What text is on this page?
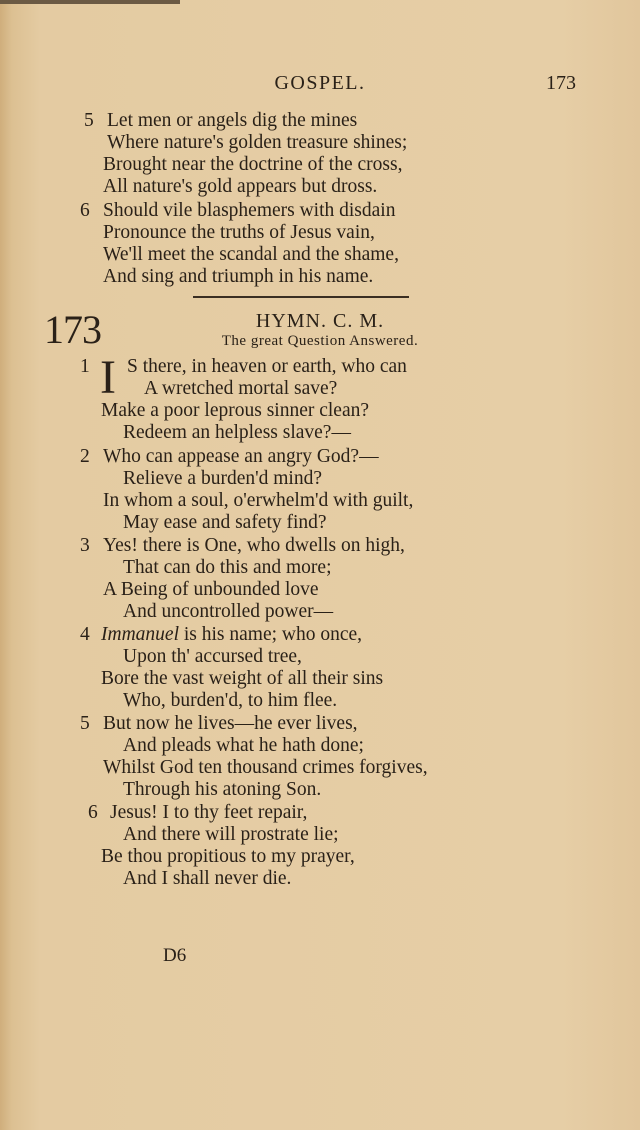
GOSPEL.	173
5 Let men or angels dig the mines
Where nature's golden treasure shines;
Brought near the doctrine of the cross,
All nature's gold appears but dross.
6 Should vile blasphemers with disdain
Pronounce the truths of Jesus vain,
We'll meet the scandal and the shame,
And sing and triumph in his name.
173	HYMN. C. M.
The great Question Answered.
1 I S there, in heaven or earth, who can
A wretched mortal save?
Make a poor leprous sinner clean?
Redeem an helpless slave?—
2 Who can appease an angry God?—
Relieve a burden'd mind?
In whom a soul, o'erwhelm'd with guilt,
May ease and safety find?
3 Yes! there is One, who dwells on high,
That can do this and more;
A Being of unbounded love
And uncontrolled power—
4 Immanuel is his name; who once,
Upon th' accursed tree,
Bore the vast weight of all their sins
Who, burden'd, to him flee.
5 But now he lives—he ever lives,
And pleads what he hath done;
Whilst God ten thousand crimes forgives,
Through his atoning Son.
6 Jesus! I to thy feet repair,
And there will prostrate lie;
Be thou propitious to my prayer,
And I shall never die.
D6
